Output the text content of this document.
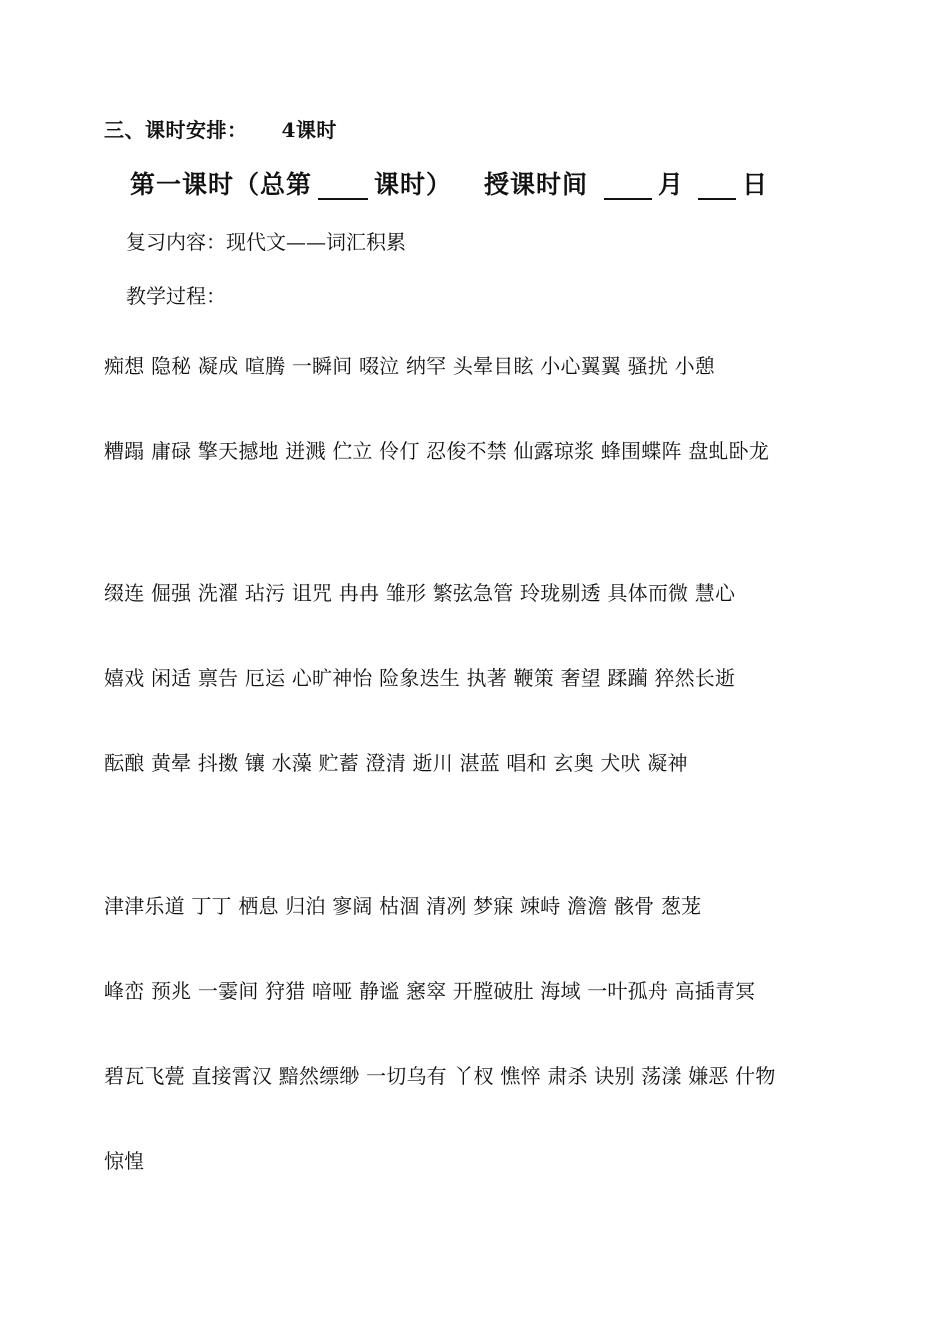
三、课时安排： 4课时
第一课时（总第 课时） 授课时间	月 日
复习内容：现代文——词汇积累
教学过程：
痴想 隐秘 凝成 喧腾 一瞬间 啜泣 纳罕 头晕目眩 小心翼翼 骚扰 小憩
糟蹋 庸碌 擎天撼地 迸溅 伫立 伶仃 忍俊不禁 仙露琼浆 蜂围蝶阵 盘虬卧龙
缀连 倔强 洗濯 玷污 诅咒 冉冉 雏形 繁弦急管 玲珑剔透 具体而微 慧心
嬉戏 闲适 禀告 厄运 心旷神怡 险象迭生 执著 鞭策 奢望 蹂躏 猝然长逝
酝酿 黄晕 抖擞 镶 水藻 贮蓄 澄清 逝川 湛蓝 唱和 玄奥 犬吠 凝神
津津乐道 丁丁 栖息 归泊 寥阔 枯涸 清冽 梦寐 竦峙 澹澹 骸骨 葱茏
峰峦 预兆 一霎间 狩猎 喑哑 静谧 窸窣 开膛破肚 海域 一叶孤舟 高插青冥
碧瓦飞甍 直接霄汉 黯然缥缈 一切乌有 丫杈 憔悴 肃杀 诀别 荡漾 嫌恶 什物
惊惶
